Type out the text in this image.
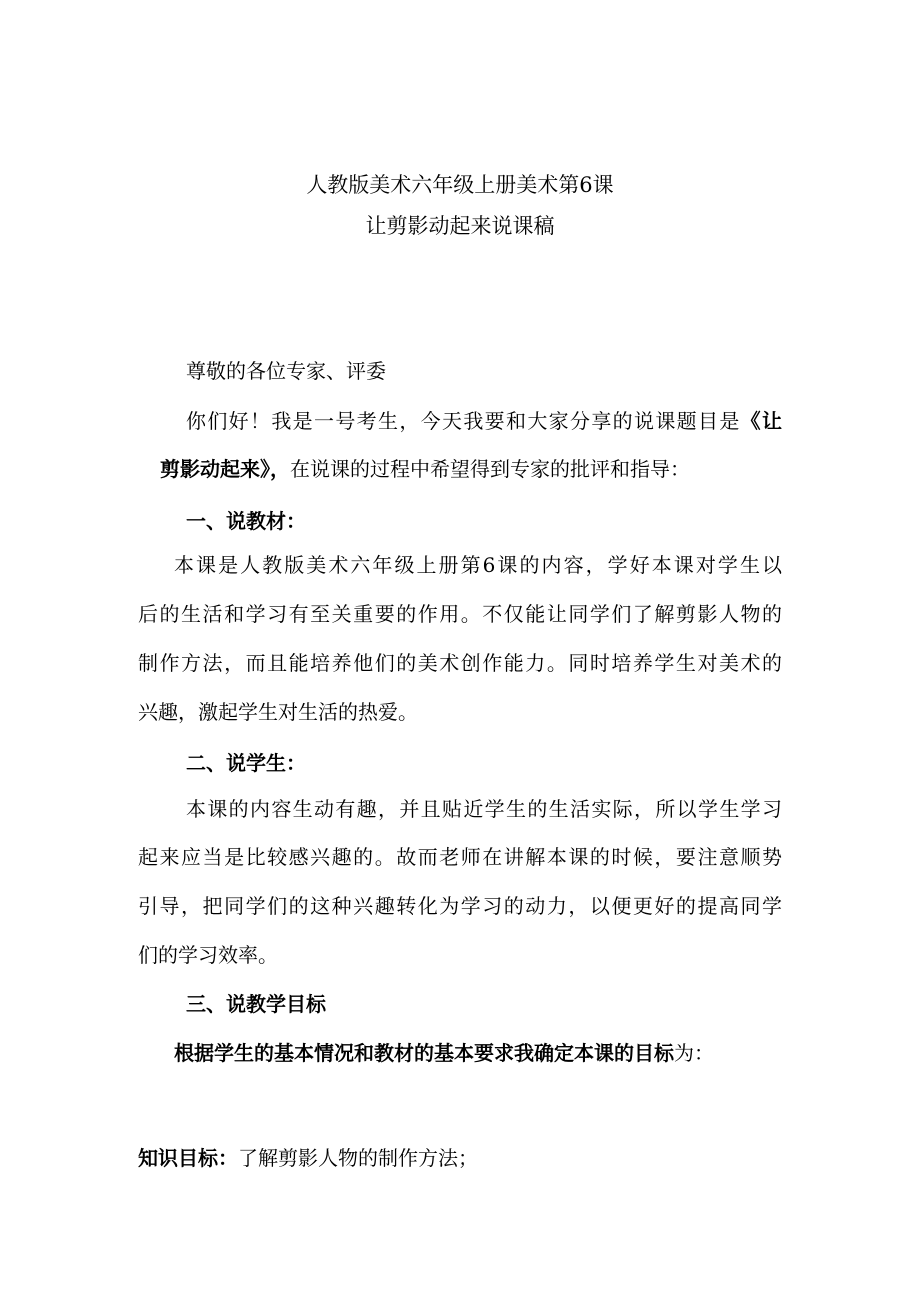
人教版美术六年级上册美术第6课
让剪影动起来说课稿
尊敬的各位专家、评委
你们好！我是一号考生，今天我要和大家分享的说课题目是《让
剪影动起来》，在说课的过程中希望得到专家的批评和指导：
一、说教材：
本课是人教版美术六年级上册第6课的内容，学好本课对学生以
后的生活和学习有至关重要的作用。不仅能让同学们了解剪影人物的
制作方法，而且能培养他们的美术创作能力。同时培养学生对美术的
兴趣，激起学生对生活的热爱。
二、说学生：
本课的内容生动有趣，并且贴近学生的生活实际，所以学生学习
起来应当是比较感兴趣的。故而老师在讲解本课的时候，要注意顺势
引导，把同学们的这种兴趣转化为学习的动力，以便更好的提高同学
们的学习效率。
三、说教学目标
根据学生的基本情况和教材的基本要求我确定本课的目标为：
知识目标：了解剪影人物的制作方法；
